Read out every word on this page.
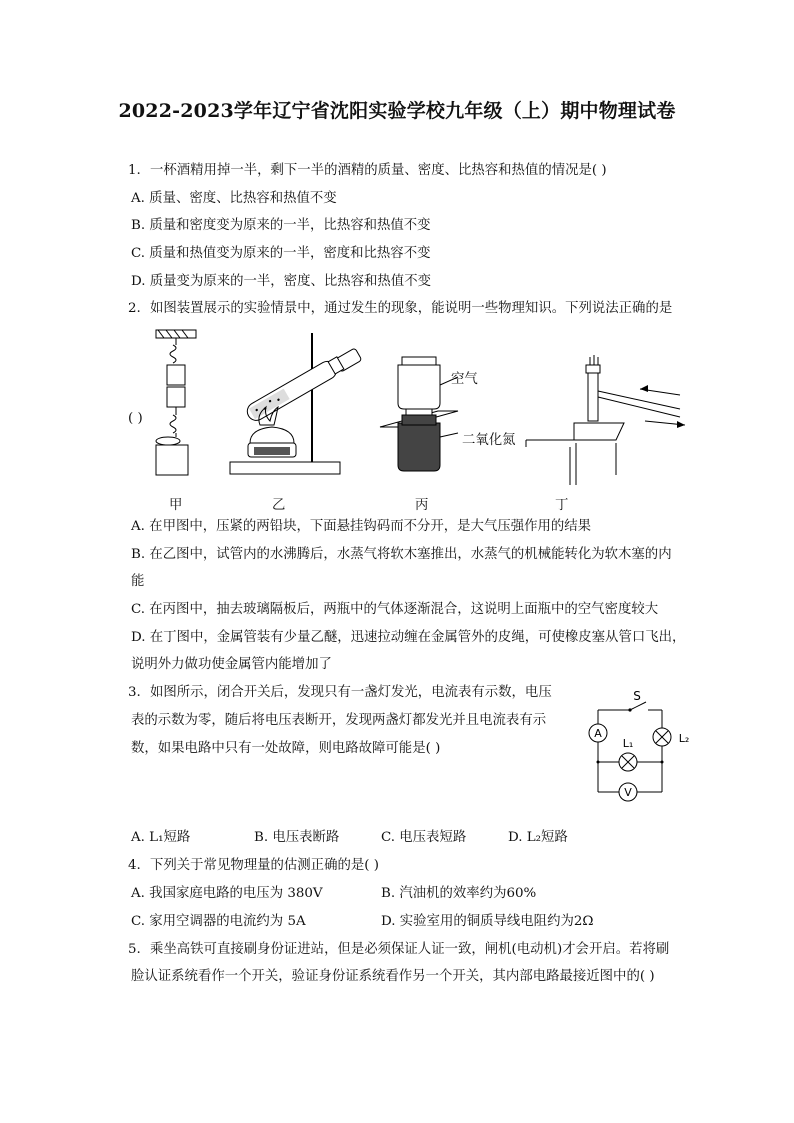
2022-2023学年辽宁省沈阳实验学校九年级（上）期中物理试卷
1. 一杯酒精用掉一半，剩下一半的酒精的质量、密度、比热容和热值的情况是( )
A. 质量、密度、比热容和热值不变
B. 质量和密度变为原来的一半，比热容和热值不变
C. 质量和热值变为原来的一半，密度和比热容不变
D. 质量变为原来的一半，密度、比热容和热值不变
2. 如图装置展示的实验情景中，通过发生的现象，能说明一些物理知识。下列说法正确的是
( )
空气
二氧化氮
甲	乙	丙	丁
A. 在甲图中，压紧的两铅块，下面悬挂钩码而不分开，是大气压强作用的结果
B. 在乙图中，试管内的水沸腾后，水蒸气将软木塞推出，水蒸气的机械能转化为软木塞的内
能
C. 在丙图中，抽去玻璃隔板后，两瓶中的气体逐渐混合，这说明上面瓶中的空气密度较大
D. 在丁图中，金属管装有少量乙醚，迅速拉动缠在金属管外的皮绳，可使橡皮塞从管口飞出，
说明外力做功使金属管内能增加了
3. 如图所示，闭合开关后，发现只有一盏灯发光，电流表有示数，电压
表的示数为零，随后将电压表断开，发现两盏灯都发光并且电流表有示
数，如果电路中只有一处故障，则电路故障可能是( )
A
V
S
L₁	L₂
A. L₁短路	B. 电压表断路	C. 电压表短路	D. L₂短路
4. 下列关于常见物理量的估测正确的是( )
A. 我国家庭电路的电压为 380V	B. 汽油机的效率约为60%
C. 家用空调器的电流约为 5A	D. 实验室用的铜质导线电阻约为2Ω
5. 乘坐高铁可直接刷身份证进站，但是必须保证人证一致，闸机(电动机)才会开启。若将刷
脸认证系统看作一个开关，验证身份证系统看作另一个开关，其内部电路最接近图中的( )
